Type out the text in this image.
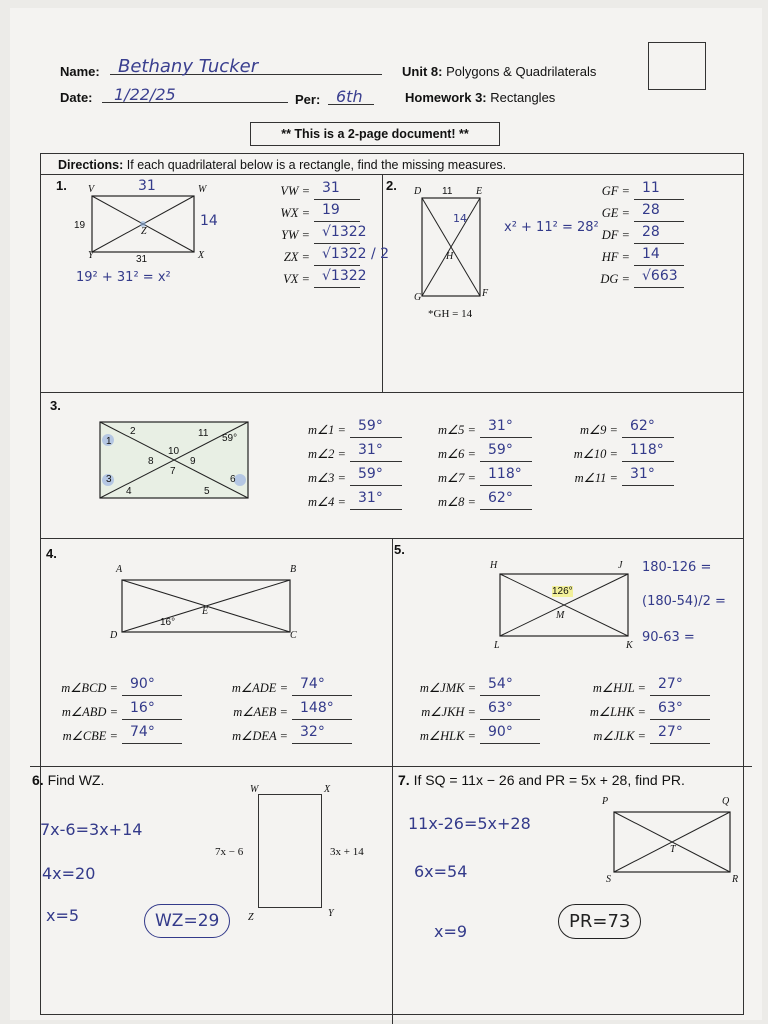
Name: Bethany Tucker
Date: 1/22/25	Per: 6th
Unit 8: Polygons & Quadrilaterals
Homework 3: Rectangles
** This is a 2-page document! **
Directions: If each quadrilateral below is a rectangle, find the missing measures.
1. V	W
Y	X
Z
19
31
31
14
19² + 31² = x²
2. D	E
G	F
H
11
14
*GH = 14
x² + 11² = 28²
3.
59°
4.
A	B
D	C
E
16°
5.
H	J
L	K
M
126°
180-126 =
(180-54)/2 =
90-63 =
6. Find WZ.
W	X
Z	Y
7x − 6	3x + 14
7x-6=3x+14
4x=20
x=5	WZ=29
7. If SQ = 11x − 26 and PR = 5x + 28, find PR.
P	Q
S	R
T
11x-26=5x+28
6x=54
x=9	PR=73
VW = 31
WX = 19
YW = √1322
ZX = √1322 / 2
VX = √1322
GF = 11
GE = 28
DF = 28
HF = 14
DG = √663
m∠1 = 59°
m∠2 = 31°
m∠3 = 59°
m∠4 = 31°
m∠5 = 31°
m∠6 = 59°
m∠7 = 118°
m∠8 = 62°
m∠9 = 62°
m∠10 = 118°
m∠11 = 31°
m∠BCD = 90°
m∠ABD = 16°
m∠CBE = 74°
m∠ADE = 74°
m∠AEB = 148°
m∠DEA = 32°
m∠JMK = 54°
m∠JKH = 63°
m∠HLK = 90°
m∠HJL = 27°
m∠LHK = 63°
m∠JLK = 27°
1
2
3
4	5
6
7
8	9
10
11
